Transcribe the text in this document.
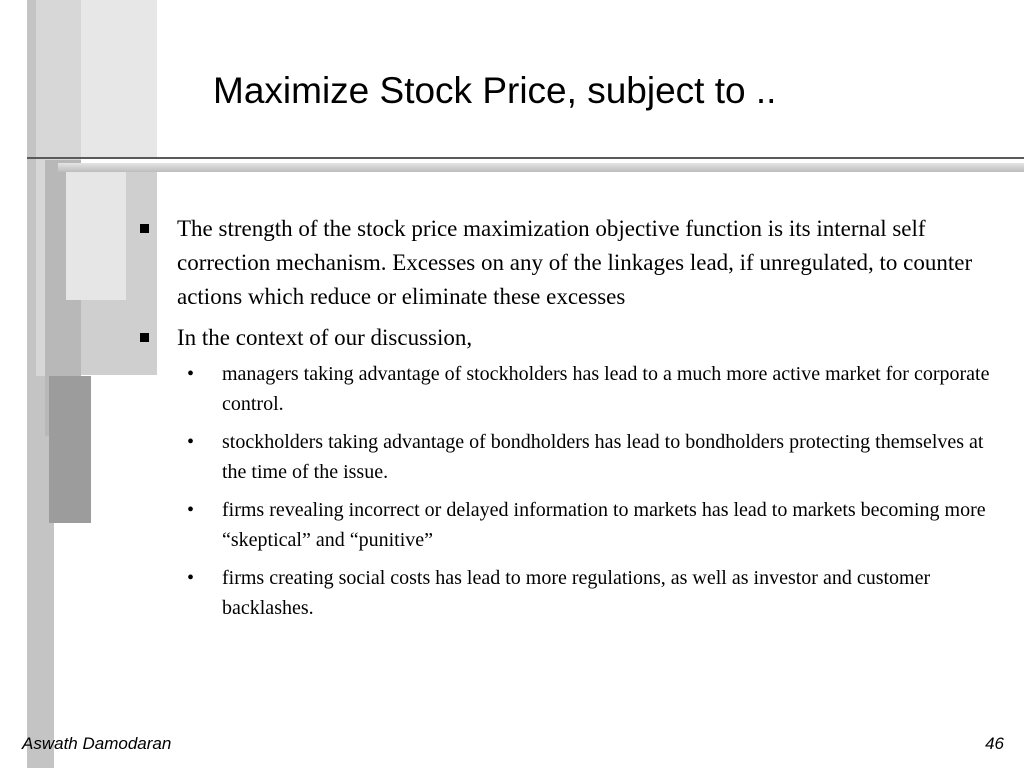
Maximize Stock Price, subject to ..
The strength of the stock price maximization objective function is its internal self correction mechanism. Excesses on any of the linkages lead, if unregulated, to counter actions which reduce or eliminate these excesses
In the context of our discussion,
• managers taking advantage of stockholders has lead to a much more active market for corporate control.
• stockholders taking advantage of bondholders has lead to bondholders protecting themselves at the time of the issue.
• firms revealing incorrect or delayed information to markets has lead to markets becoming more “skeptical” and “punitive”
• firms creating social costs has lead to more regulations, as well as investor and customer backlashes.
Aswath Damodaran	46
